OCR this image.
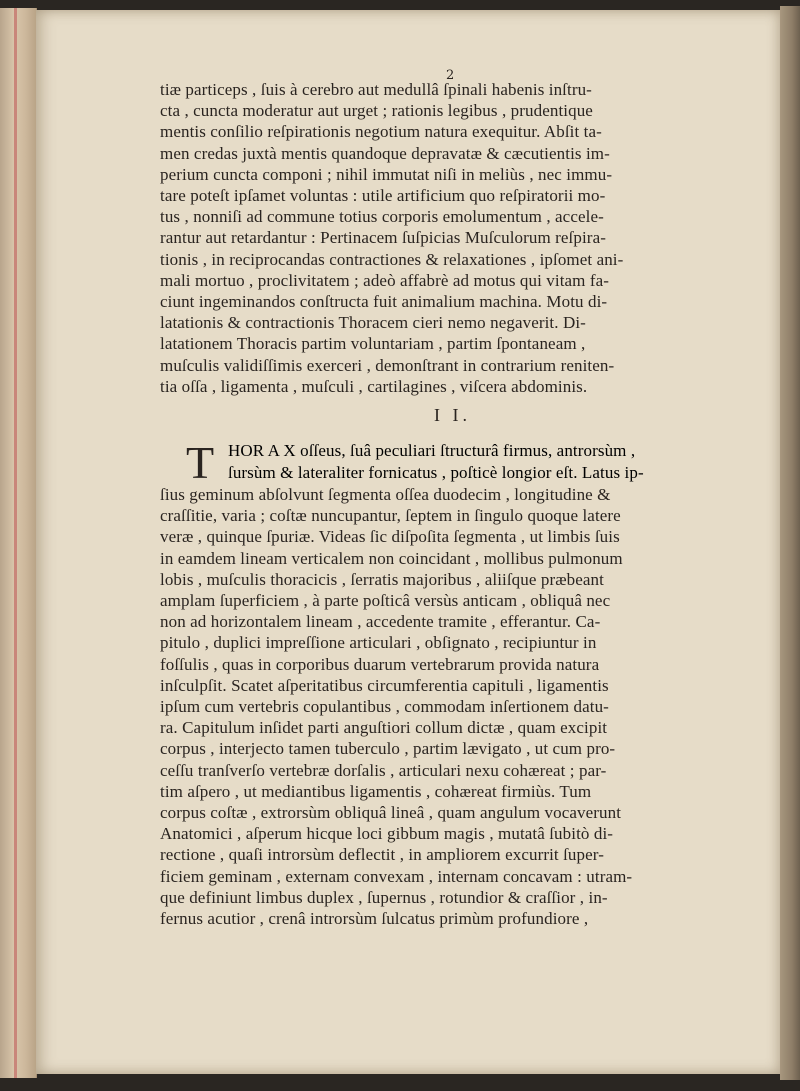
2
tiæ particeps , ſuis à cerebro aut medullâ ſpinali habenis inſtru-
cta , cuncta moderatur aut urget ; rationis legibus , prudentique
mentis conſilio reſpirationis negotium natura exequitur. Abſit ta-
men credas juxtà mentis quandoque depravatæ & cæcutientis im-
perium cuncta componi ; nihil immutat niſi in meliùs , nec immu-
tare poteſt ipſamet voluntas : utile artificium quo reſpiratorii mo-
tus , nonniſi ad commune totius corporis emolumentum , accele-
rantur aut retardantur : Pertinacem ſuſpicias Muſculorum reſpira-
tionis , in reciprocandas contractiones & relaxationes , ipſomet ani-
mali mortuo , proclivitatem ; adeò affabrè ad motus qui vitam fa-
ciunt ingeminandos conſtructa fuit animalium machina. Motu di-
latationis & contractionis Thoracem cieri nemo negaverit. Di-
latationem Thoracis partim voluntariam , partim ſpontaneam ,
muſculis validiſſimis exerceri , demonſtrant in contrarium reniten-
tia oſſa , ligamenta , muſculi , cartilagines , viſcera abdominis.
I I.
T HOR A X oſſeus, ſuâ peculiari ſtructurâ firmus, antrorsùm ,
ſursùm & lateraliter fornicatus , poſticè longior eſt. Latus ip-
ſius geminum abſolvunt ſegmenta oſſea duodecim , longitudine &
craſſitie, varia ; coſtæ nuncupantur, ſeptem in ſingulo quoque latere
veræ , quinque ſpuriæ. Videas ſic diſpoſita ſegmenta , ut limbis ſuis
in eamdem lineam verticalem non coincidant , mollibus pulmonum
lobis , muſculis thoracicis , ſerratis majoribus , aliiſque præbeant
amplam ſuperficiem , à parte poſticâ versùs anticam , obliquâ nec
non ad horizontalem lineam , accedente tramite , efferantur. Ca-
pitulo , duplici impreſſione articulari , obſignato , recipiuntur in
foſſulis , quas in corporibus duarum vertebrarum provida natura
inſculpſit. Scatet aſperitatibus circumferentia capituli , ligamentis
ipſum cum vertebris copulantibus , commodam inſertionem datu-
ra. Capitulum inſidet parti anguſtiori collum dictæ , quam excipit
corpus , interjecto tamen tuberculo , partim lævigato , ut cum pro-
ceſſu tranſverſo vertebræ dorſalis , articulari nexu cohæreat ; par-
tim aſpero , ut mediantibus ligamentis , cohæreat firmiùs. Tum
corpus coſtæ , extrorsùm obliquâ lineâ , quam angulum vocaverunt
Anatomici , aſperum hicque loci gibbum magis , mutatâ ſubitò di-
rectione , quaſi introrsùm deflectit , in ampliorem excurrit ſuper-
ficiem geminam , externam convexam , internam concavam : utram-
que definiunt limbus duplex , ſupernus , rotundior & craſſior , in-
fernus acutior , crenâ introrsùm ſulcatus primùm profundiore ,
